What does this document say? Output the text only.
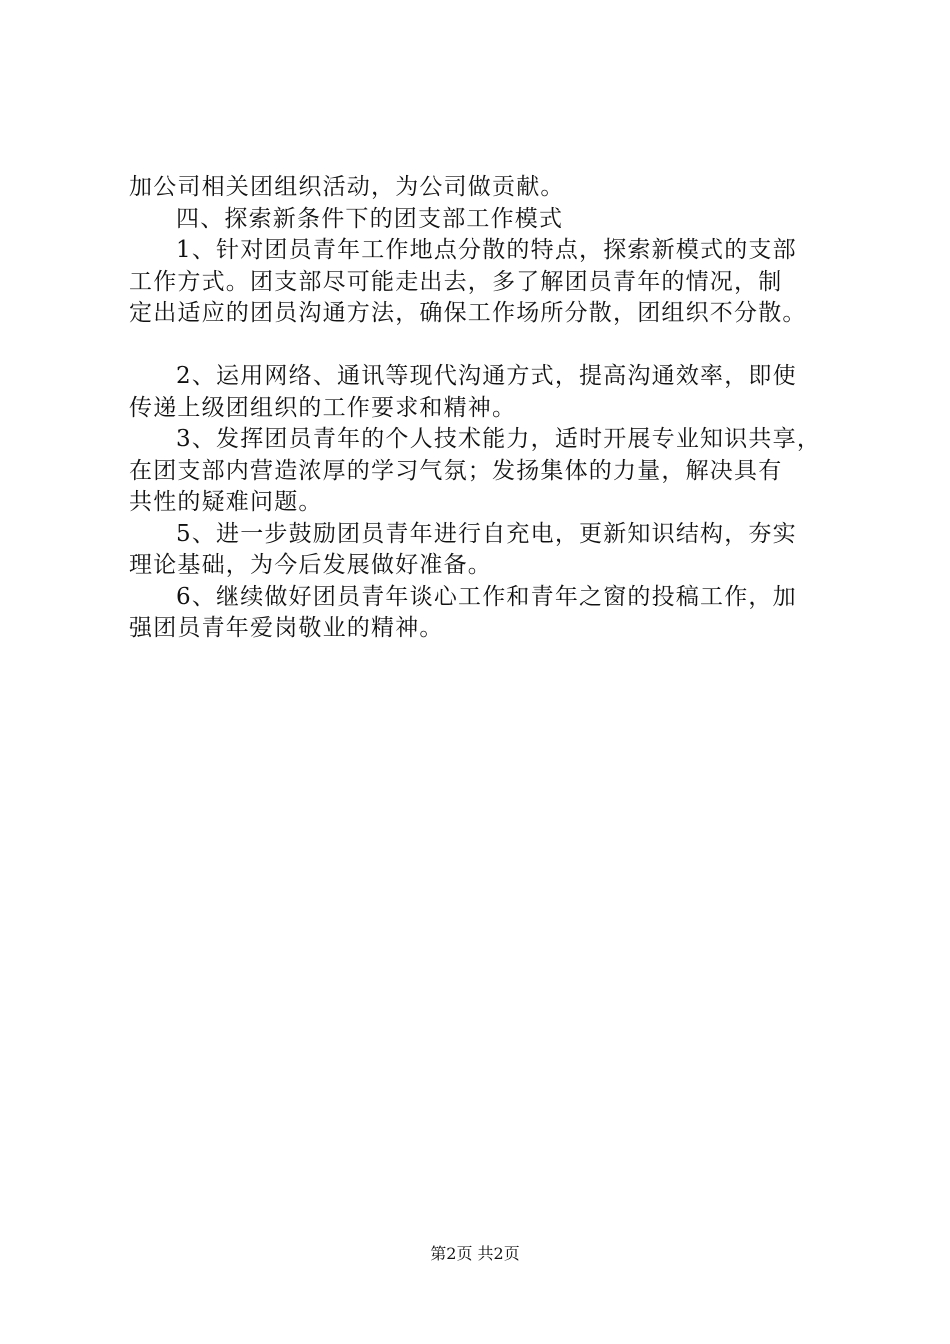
加公司相关团组织活动，为公司做贡献。
四、探索新条件下的团支部工作模式
1、针对团员青年工作地点分散的特点，探索新模式的支部
工作方式。团支部尽可能走出去，多了解团员青年的情况，制
定出适应的团员沟通方法，确保工作场所分散，团组织不分散。
2、运用网络、通讯等现代沟通方式，提高沟通效率，即使
传递上级团组织的工作要求和精神。
3、发挥团员青年的个人技术能力，适时开展专业知识共享，
在团支部内营造浓厚的学习气氛；发扬集体的力量，解决具有
共性的疑难问题。
5、进一步鼓励团员青年进行自充电，更新知识结构，夯实
理论基础，为今后发展做好准备。
6、继续做好团员青年谈心工作和青年之窗的投稿工作，加
强团员青年爱岗敬业的精神。
第2页 共2页
